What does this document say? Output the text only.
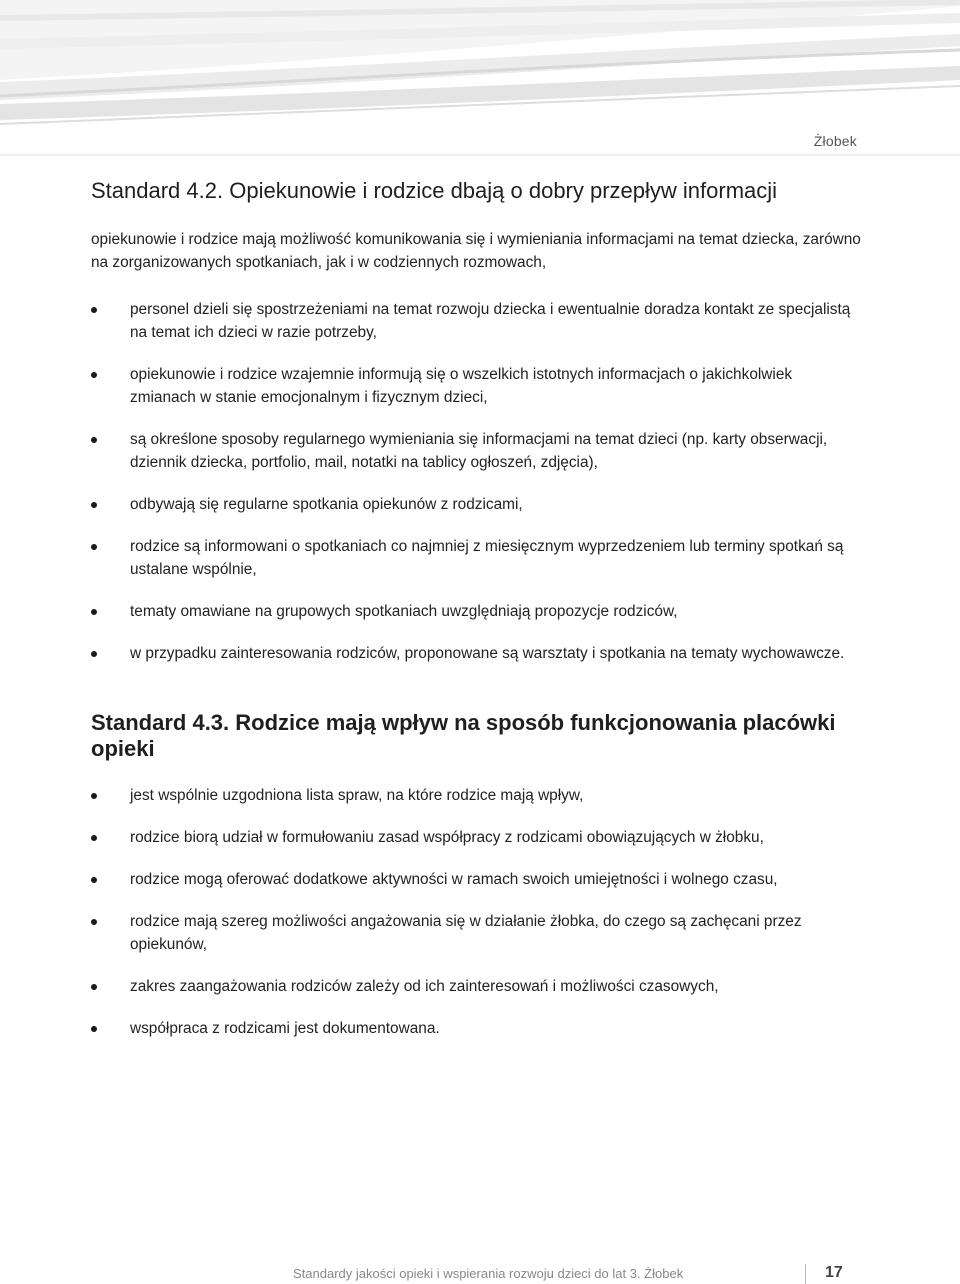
Żłobek
Standard 4.2. Opiekunowie i rodzice dbają o dobry przepływ informacji

opiekunowie i rodzice mają możliwość komunikowania się i wymieniania informacjami na temat dziecka, zarówno na zorganizowanych spotkaniach, jak i w codziennych rozmowach,

personel dzieli się spostrzeżeniami na temat rozwoju dziecka i ewentualnie doradza kontakt ze specjalistą na temat ich dzieci w razie potrzeby,
opiekunowie i rodzice wzajemnie informują się o wszelkich istotnych informacjach o jakichkolwiek zmianach w stanie emocjonalnym i fizycznym dzieci,
są określone sposoby regularnego wymieniania się informacjami na temat dzieci (np. karty obserwacji, dziennik dziecka, portfolio, mail, notatki na tablicy ogłoszeń, zdjęcia),
odbywają się regularne spotkania opiekunów z rodzicami,
rodzice są informowani o spotkaniach co najmniej z miesięcznym wyprzedzeniem lub terminy spotkań są ustalane wspólnie,
tematy omawiane na grupowych spotkaniach uwzględniają propozycje rodziców,
w przypadku zainteresowania rodziców, proponowane są warsztaty i spotkania na tematy wychowawcze.
Standard 4.3. Rodzice mają wpływ na sposób funkcjonowania placówki opieki
jest wspólnie uzgodniona lista spraw, na które rodzice mają wpływ,
rodzice biorą udział w formułowaniu zasad współpracy z rodzicami obowiązujących w żłobku,
rodzice mogą oferować dodatkowe aktywności w ramach swoich umiejętności i wolnego czasu,
rodzice mają szereg możliwości angażowania się w działanie żłobka, do czego są zachęcani przez opiekunów,
zakres zaangażowania rodziców zależy od ich zainteresowań i możliwości czasowych,
współpraca z rodzicami jest dokumentowana.
Standardy jakości opieki i wspierania rozwoju dzieci do lat 3. Żłobek	17
